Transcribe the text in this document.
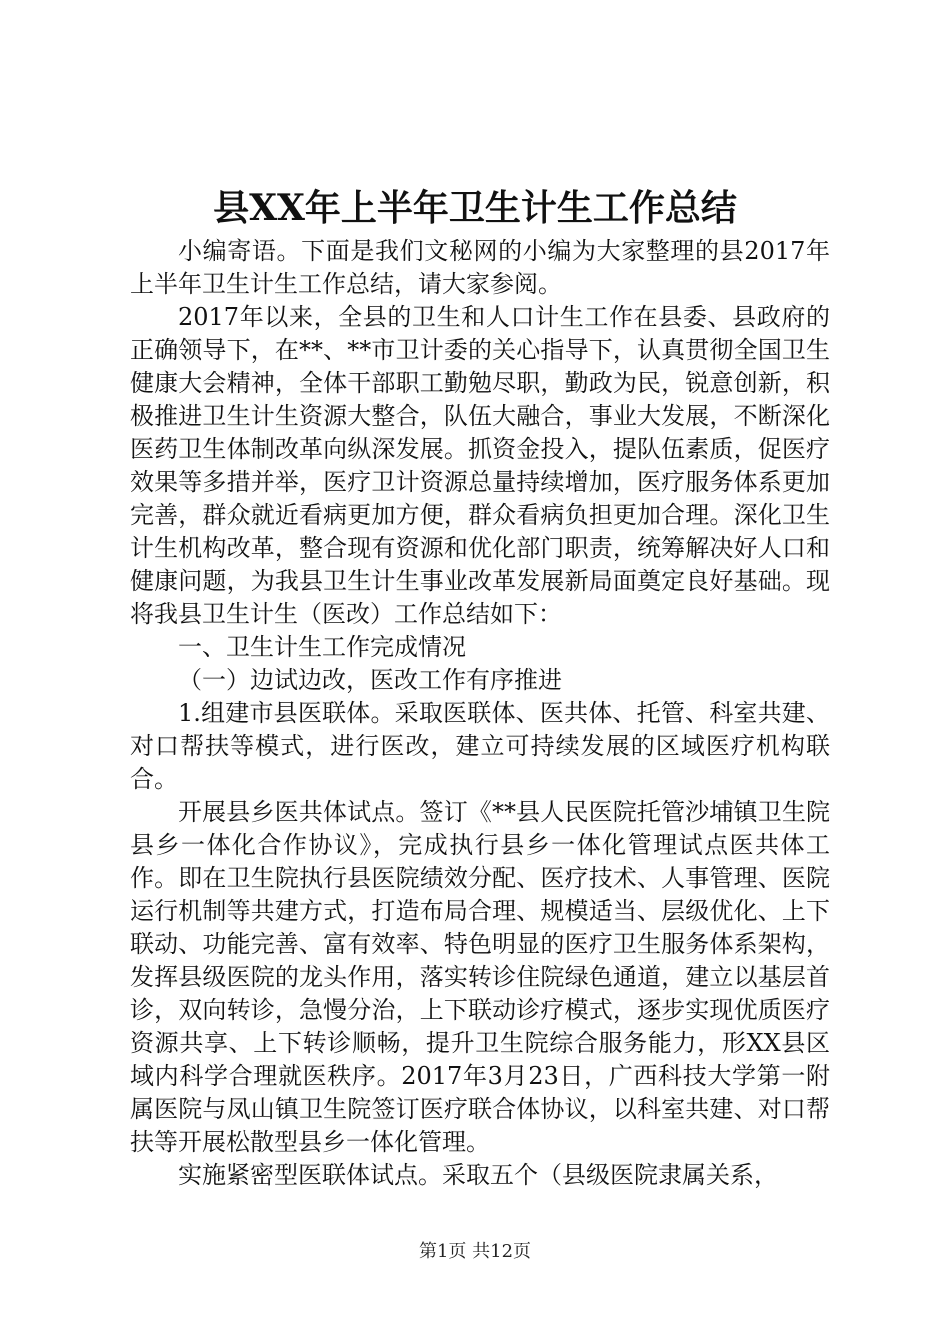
县XX年上半年卫生计生工作总结

小编寄语。下面是我们文秘网的小编为大家整理的县2017年上半年卫生计生工作总结，请大家参阅。

2017年以来，全县的卫生和人口计生工作在县委、县政府的正确领导下，在**、**市卫计委的关心指导下，认真贯彻全国卫生健康大会精神，全体干部职工勤勉尽职，勤政为民，锐意创新，积极推进卫生计生资源大整合，队伍大融合，事业大发展，不断深化医药卫生体制改革向纵深发展。抓资金投入，提队伍素质，促医疗效果等多措并举，医疗卫计资源总量持续增加，医疗服务体系更加完善，群众就近看病更加方便，群众看病负担更加合理。深化卫生计生机构改革，整合现有资源和优化部门职责，统筹解决好人口和健康问题，为我县卫生计生事业改革发展新局面奠定良好基础。现将我县卫生计生（医改）工作总结如下：

一、卫生计生工作完成情况

（一）边试边改，医改工作有序推进

1.组建市县医联体。采取医联体、医共体、托管、科室共建、对口帮扶等模式，进行医改，建立可持续发展的区域医疗机构联合。

开展县乡医共体试点。签订《**县人民医院托管沙埔镇卫生院县乡一体化合作协议》，完成执行县乡一体化管理试点医共体工作。即在卫生院执行县医院绩效分配、医疗技术、人事管理、医院运行机制等共建方式，打造布局合理、规模适当、层级优化、上下联动、功能完善、富有效率、特色明显的医疗卫生服务体系架构，发挥县级医院的龙头作用，落实转诊住院绿色通道，建立以基层首诊，双向转诊，急慢分治，上下联动诊疗模式，逐步实现优质医疗资源共享、上下转诊顺畅，提升卫生院综合服务能力，形XX县区域内科学合理就医秩序。2017年3月23日，广西科技大学第一附属医院与凤山镇卫生院签订医疗联合体协议，以科室共建、对口帮扶等开展松散型县乡一体化管理。

实施紧密型医联体试点。采取五个（县级医院隶属关系，

第1页 共12页
